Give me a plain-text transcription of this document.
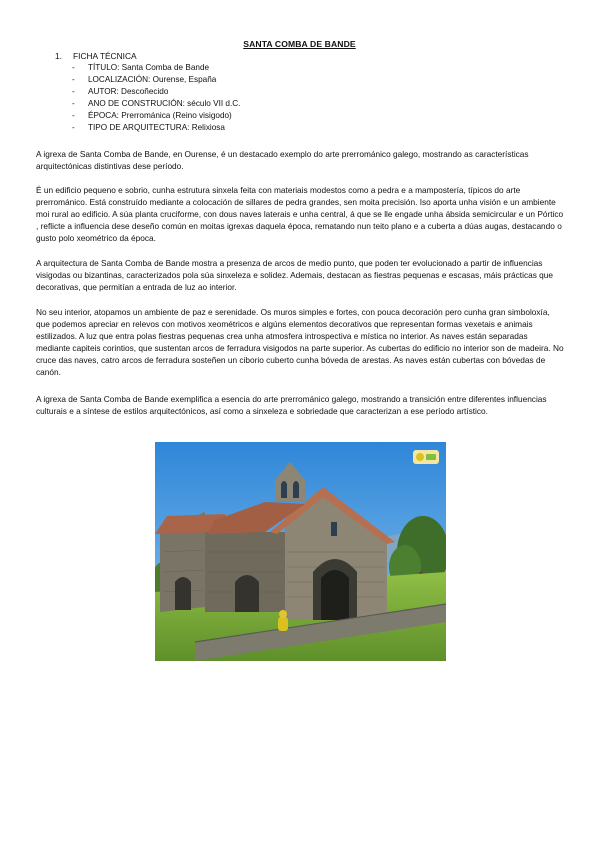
SANTA COMBA DE BANDE
1. FICHA TÉCNICA
- TÍTULO: Santa Comba de Bande
- LOCALIZACIÓN: Ourense, España
- AUTOR: Descoñecido
- ANO DE CONSTRUCIÓN: século VII d.C.
- ÉPOCA: Prerrománica (Reino visigodo)
- TIPO DE ARQUITECTURA: Relixiosa

A igrexa de Santa Comba de Bande, en Ourense, é un destacado exemplo do arte prerrománico galego, mostrando as características arquitectónicas distintivas dese período.

É un edificio pequeno e sobrio, cunha estrutura sinxela feita con materiais modestos como a pedra e a mampostería, típicos do arte prerrománico. Está construído mediante a colocación de sillares de pedra grandes, sen moita precisión. Iso aporta unha visión e un ambiente moi rural ao edificio. A súa planta cruciforme, con dous naves laterais e unha central, á que se lle engade unha ábsida semicircular e un Pórtico , reflicte a influencia dese deseño común en moitas igrexas daquela época, rematando nun teito plano e a cuberta a dúas augas, destacando o gusto polo xeométrico da época.

A arquitectura de Santa Comba de Bande mostra a presenza de arcos de medio punto, que poden ter evolucionado a partir de influencias visigodas ou bizantinas, caracterizados pola súa sinxeleza e solidez. Ademais, destacan as fiestras pequenas e escasas, máis prácticas que decorativas, que permitían a entrada de luz ao interior.

No seu interior, atopamos un ambiente de paz e serenidade. Os muros simples e fortes, con pouca decoración pero cunha gran simboloxía, que podemos apreciar en relevos con motivos xeométricos e algúns elementos decorativos que representan formas vexetais e animais estilizados. A luz que entra polas fiestras pequenas crea unha atmosfera introspectiva e mística no interior. As naves están separadas mediante capiteis corintios, que sustentan arcos de ferradura visigodos na parte superior. As cubertas do edificio no interior son de madeira. No cruce das naves, catro arcos de ferradura sosteñen un ciborio cuberto cunha bóveda de arestas. As naves están cubertas con bóvedas de canón.

A igrexa de Santa Comba de Bande exemplifica a esencia do arte prerrománico galego, mostrando a transición entre diferentes influencias culturais e a síntese de estilos arquitectónicos, así como a sinxeleza e sobriedade que caracterizan a ese período artístico.
